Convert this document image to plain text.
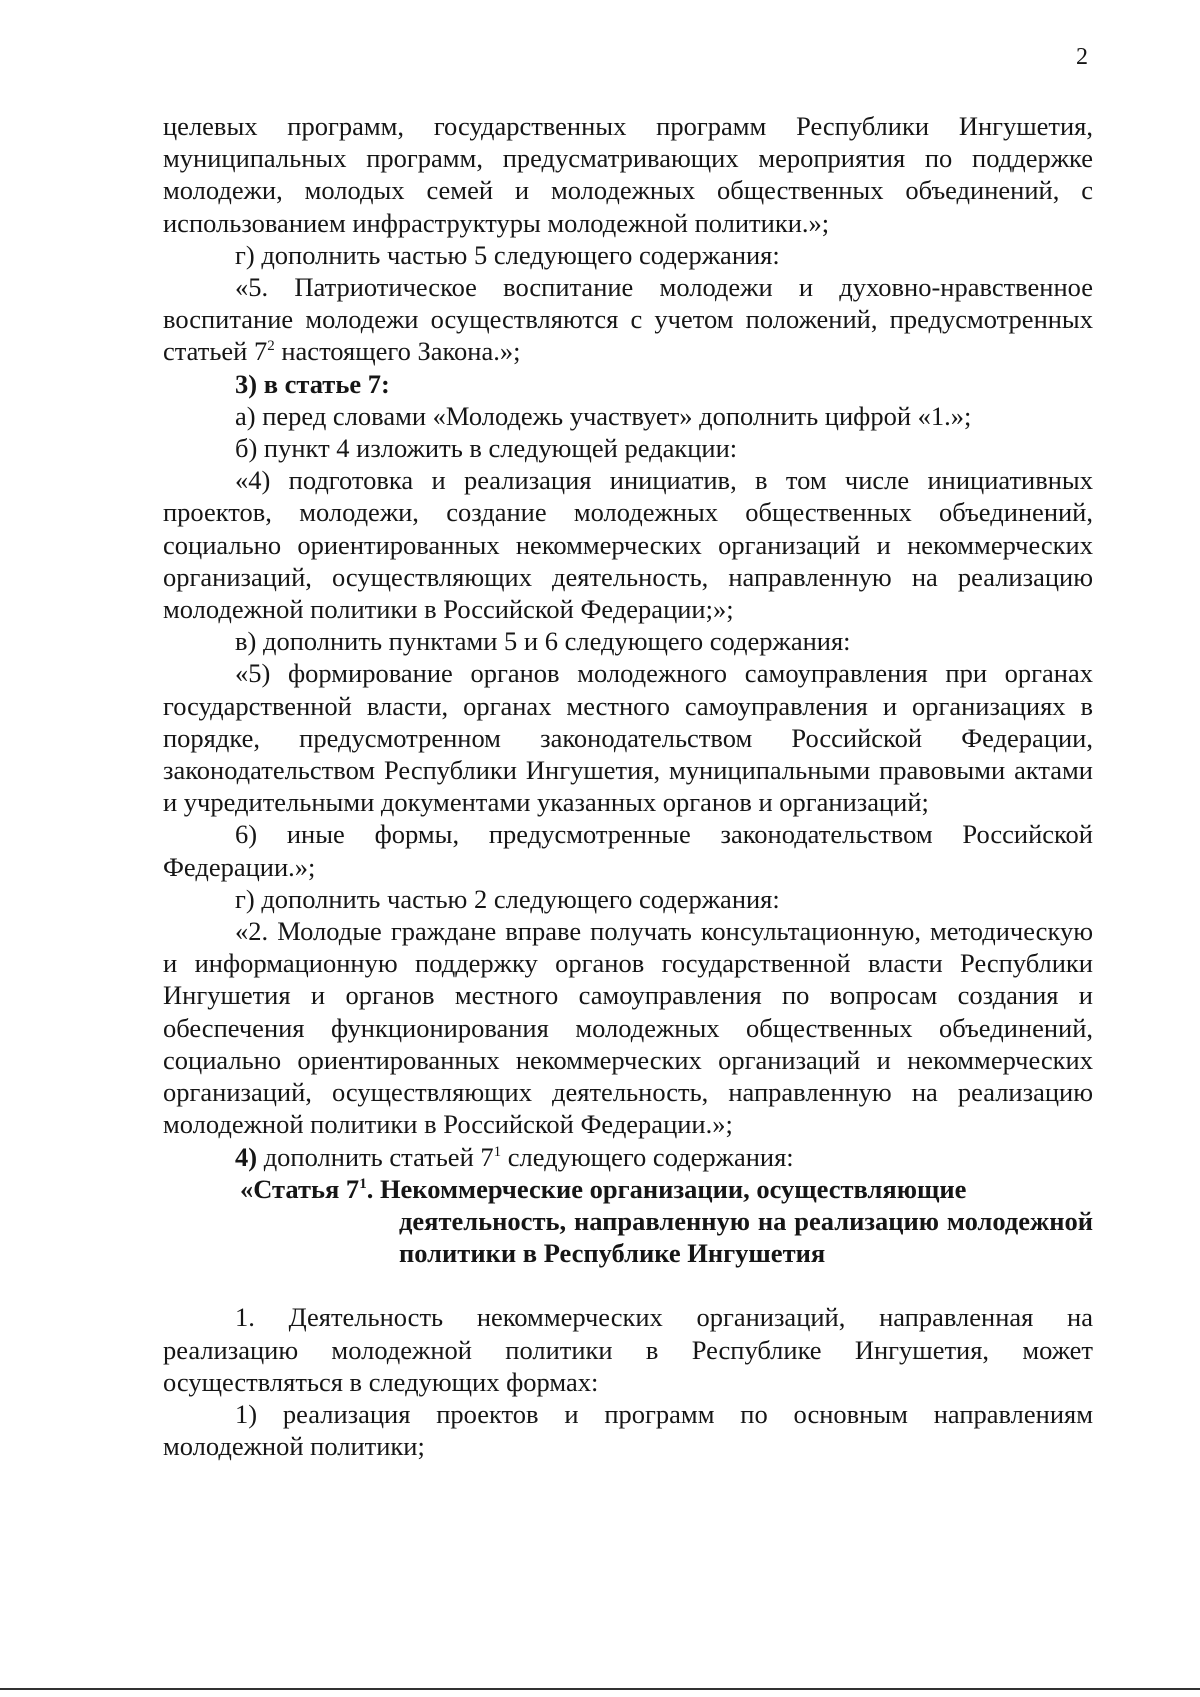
2

целевых программ, государственных программ Республики Ингушетия, муниципальных программ, предусматривающих мероприятия по поддержке молодежи, молодых семей и молодежных общественных объединений, с использованием инфраструктуры молодежной политики.»;

г) дополнить частью 5 следующего содержания:

«5. Патриотическое воспитание молодежи и духовно-нравственное воспитание молодежи осуществляются с учетом положений, предусмотренных статьей $7^2$ настоящего Закона.»;

3) в статье 7:

а) перед словами «Молодежь участвует» дополнить цифрой «1.»;

б) пункт 4 изложить в следующей редакции:

«4) подготовка и реализация инициатив, в том числе инициативных проектов, молодежи, создание молодежных общественных объединений, социально ориентированных некоммерческих организаций и некоммерческих организаций, осуществляющих деятельность, направленную на реализацию молодежной политики в Российской Федерации;»;

в) дополнить пунктами 5 и 6 следующего содержания:

«5) формирование органов молодежного самоуправления при органах государственной власти, органах местного самоуправления и организациях в порядке, предусмотренном законодательством Российской Федерации, законодательством Республики Ингушетия, муниципальными правовыми актами и учредительными документами указанных органов и организаций;

6) иные формы, предусмотренные законодательством Российской Федерации.»;

г) дополнить частью 2 следующего содержания:

«2. Молодые граждане вправе получать консультационную, методическую и информационную поддержку органов государственной власти Республики Ингушетия и органов местного самоуправления по вопросам создания и обеспечения функционирования молодежных общественных объединений, социально ориентированных некоммерческих организаций и некоммерческих организаций, осуществляющих деятельность, направленную на реализацию молодежной политики в Российской Федерации.»;

4) дополнить статьей $7^1$ следующего содержания:

«Статья $7^1$. Некоммерческие организации, осуществляющие
деятельность, направленную на реализацию молодежной политики в Республике Ингушетия

1. Деятельность некоммерческих организаций, направленная на реализацию молодежной политики в Республике Ингушетия, может осуществляться в следующих формах:

1) реализация проектов и программ по основным направлениям молодежной политики;
